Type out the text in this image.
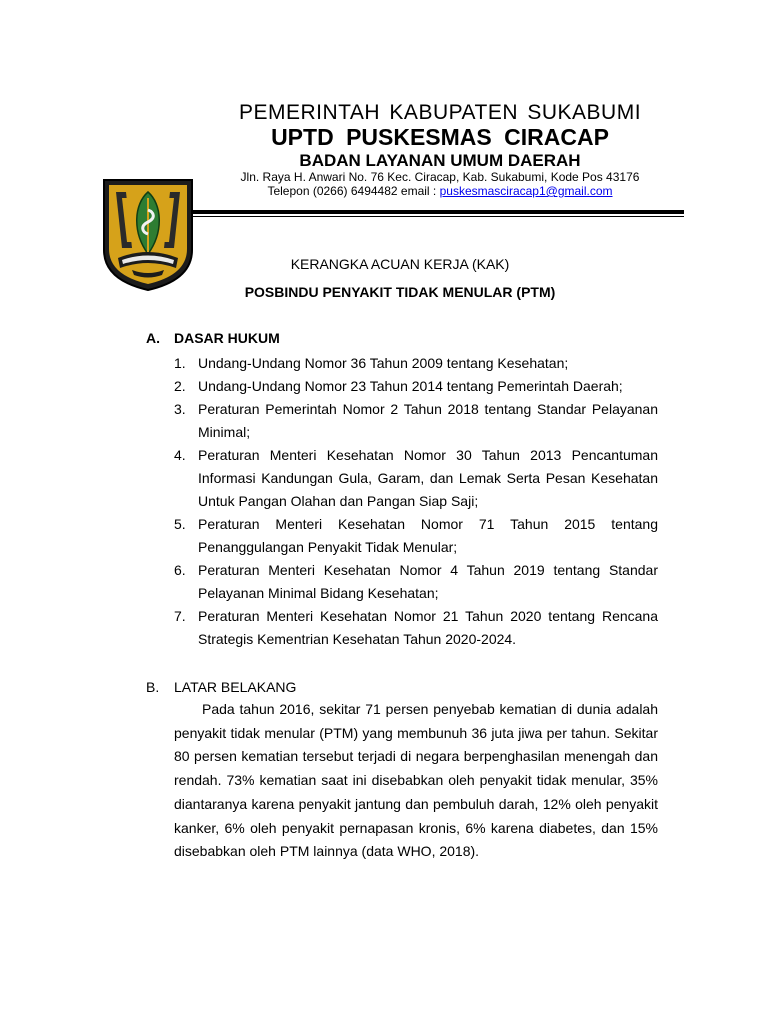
PEMERINTAH KABUPATEN SUKABUMI
UPTD PUSKESMAS CIRACAP
BADAN LAYANAN UMUM DAERAH
Jln. Raya H. Anwari No. 76 Kec. Ciracap, Kab. Sukabumi, Kode Pos 43176
Telepon (0266) 6494482 email : puskesmasciracap1@gmail.com
KERANGKA ACUAN KERJA (KAK)
POSBINDU PENYAKIT TIDAK MENULAR (PTM)
A. DASAR HUKUM
1. Undang-Undang Nomor 36 Tahun 2009 tentang Kesehatan;
2. Undang-Undang Nomor 23 Tahun 2014 tentang Pemerintah Daerah;
3. Peraturan Pemerintah Nomor 2 Tahun 2018 tentang Standar Pelayanan Minimal;
4. Peraturan Menteri Kesehatan Nomor 30 Tahun 2013 Pencantuman Informasi Kandungan Gula, Garam, dan Lemak Serta Pesan Kesehatan Untuk Pangan Olahan dan Pangan Siap Saji;
5. Peraturan Menteri Kesehatan Nomor 71 Tahun 2015 tentang Penanggulangan Penyakit Tidak Menular;
6. Peraturan Menteri Kesehatan Nomor 4 Tahun 2019 tentang Standar Pelayanan Minimal Bidang Kesehatan;
7. Peraturan Menteri Kesehatan Nomor 21 Tahun 2020 tentang Rencana Strategis Kementrian Kesehatan Tahun 2020-2024.
B. LATAR BELAKANG

Pada tahun 2016, sekitar 71 persen penyebab kematian di dunia adalah penyakit tidak menular (PTM) yang membunuh 36 juta jiwa per tahun. Sekitar 80 persen kematian tersebut terjadi di negara berpenghasilan menengah dan rendah. 73% kematian saat ini disebabkan oleh penyakit tidak menular, 35% diantaranya karena penyakit jantung dan pembuluh darah, 12% oleh penyakit kanker, 6% oleh penyakit pernapasan kronis, 6% karena diabetes, dan 15% disebabkan oleh PTM lainnya (data WHO, 2018).
